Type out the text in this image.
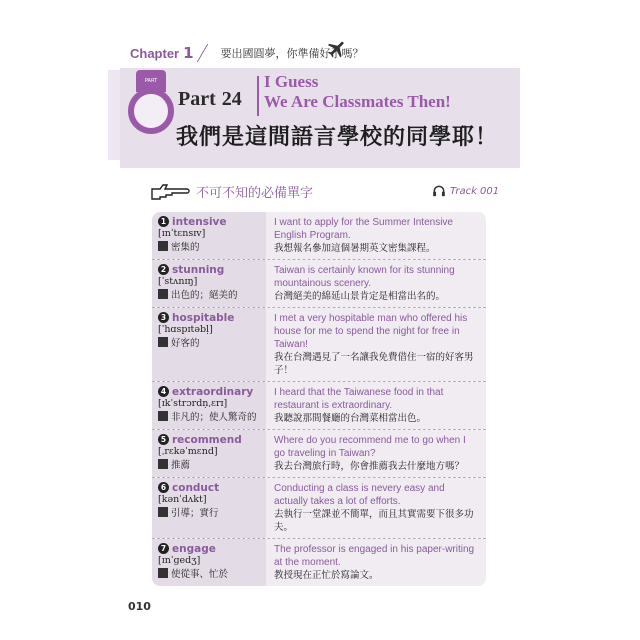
Chapter 1 要出國圓夢，你準備好了嗎？
PART
Part 24
I Guess
We Are Classmates Then!
我們是這間語言學校的同學耶！
不可不知的必備單字	Track 001
1 intensive
[ɪnˈtɛnsɪv]
密集的
I want to apply for the Summer Intensive English Program.
我想報名參加這個暑期英文密集課程。
2 stunning
[ˈstʌnɪŋ]
出色的；絕美的
Taiwan is certainly known for its stunning mountainous scenery.
台灣絕美的綿延山景肯定是相當出名的。
3 hospitable
[ˈhɑspɪtəbḷ]
好客的
I met a very hospitable man who offered his house for me to spend the night for free in Taiwan!
我在台灣遇見了一名讓我免費借住一宿的好客男子！
4 extraordinary
[ɪkˈstrɔrdṇˌɛrɪ]
非凡的；使人驚奇的
I heard that the Taiwanese food in that restaurant is extraordinary.
我聽說那間餐廳的台灣菜相當出色。
5 recommend
[ˌrɛkəˈmɛnd]
推薦
Where do you recommend me to go when I go traveling in Taiwan?
我去台灣旅行時，你會推薦我去什麼地方嗎？
6 conduct
[kənˈdʌkt]
引導；實行
Conducting a class is nevery easy and actually takes a lot of efforts.
去執行一堂課並不簡單，而且其實需要下很多功夫。
7 engage
[ɪnˈgedʒ]
使從事、忙於
The professor is engaged in his paper-writing at the moment.
教授現在正忙於寫論文。
010
